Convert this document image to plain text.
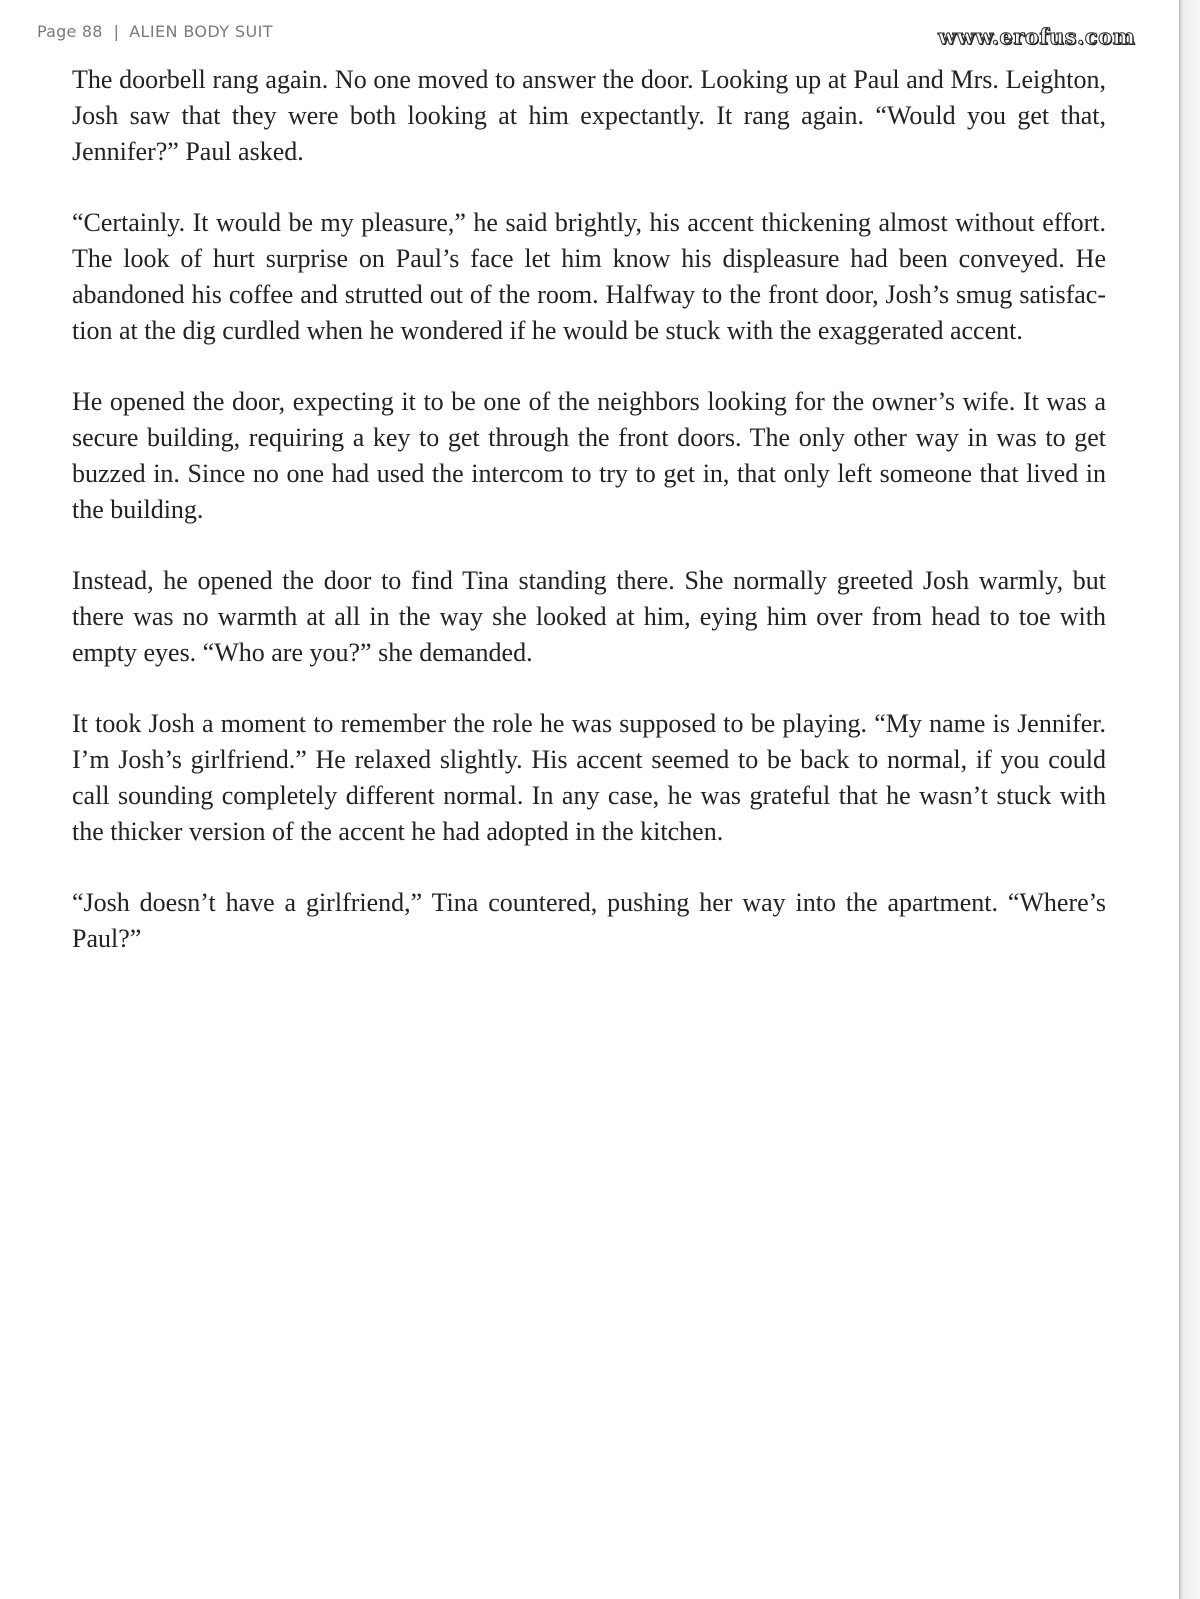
Page 88 | ALIEN BODY SUIT	www.erofus.com

The doorbell rang again. No one moved to answer the door. Looking up at Paul and Mrs. Leighton, Josh saw that they were both looking at him expectantly. It rang again. “Would you get that, Jennifer?” Paul asked.

“Certainly. It would be my pleasure,” he said brightly, his accent thickening almost without effort. The look of hurt surprise on Paul’s face let him know his displeasure had been conveyed. He abandoned his coffee and strutted out of the room. Halfway to the front door, Josh’s smug satisfaction at the dig curdled when he wondered if he would be stuck with the exaggerated accent.

He opened the door, expecting it to be one of the neighbors looking for the owner’s wife. It was a secure building, requiring a key to get through the front doors. The only other way in was to get buzzed in. Since no one had used the intercom to try to get in, that only left someone that lived in the building.

Instead, he opened the door to find Tina standing there. She normally greeted Josh warmly, but there was no warmth at all in the way she looked at him, eying him over from head to toe with empty eyes. “Who are you?” she demanded.

It took Josh a moment to remember the role he was supposed to be playing. “My name is Jennifer. I’m Josh’s girlfriend.” He relaxed slightly. His accent seemed to be back to normal, if you could call sounding completely different normal. In any case, he was grateful that he wasn’t stuck with the thicker version of the accent he had adopted in the kitchen.

“Josh doesn’t have a girlfriend,” Tina countered, pushing her way into the apartment. “Where’s Paul?”
